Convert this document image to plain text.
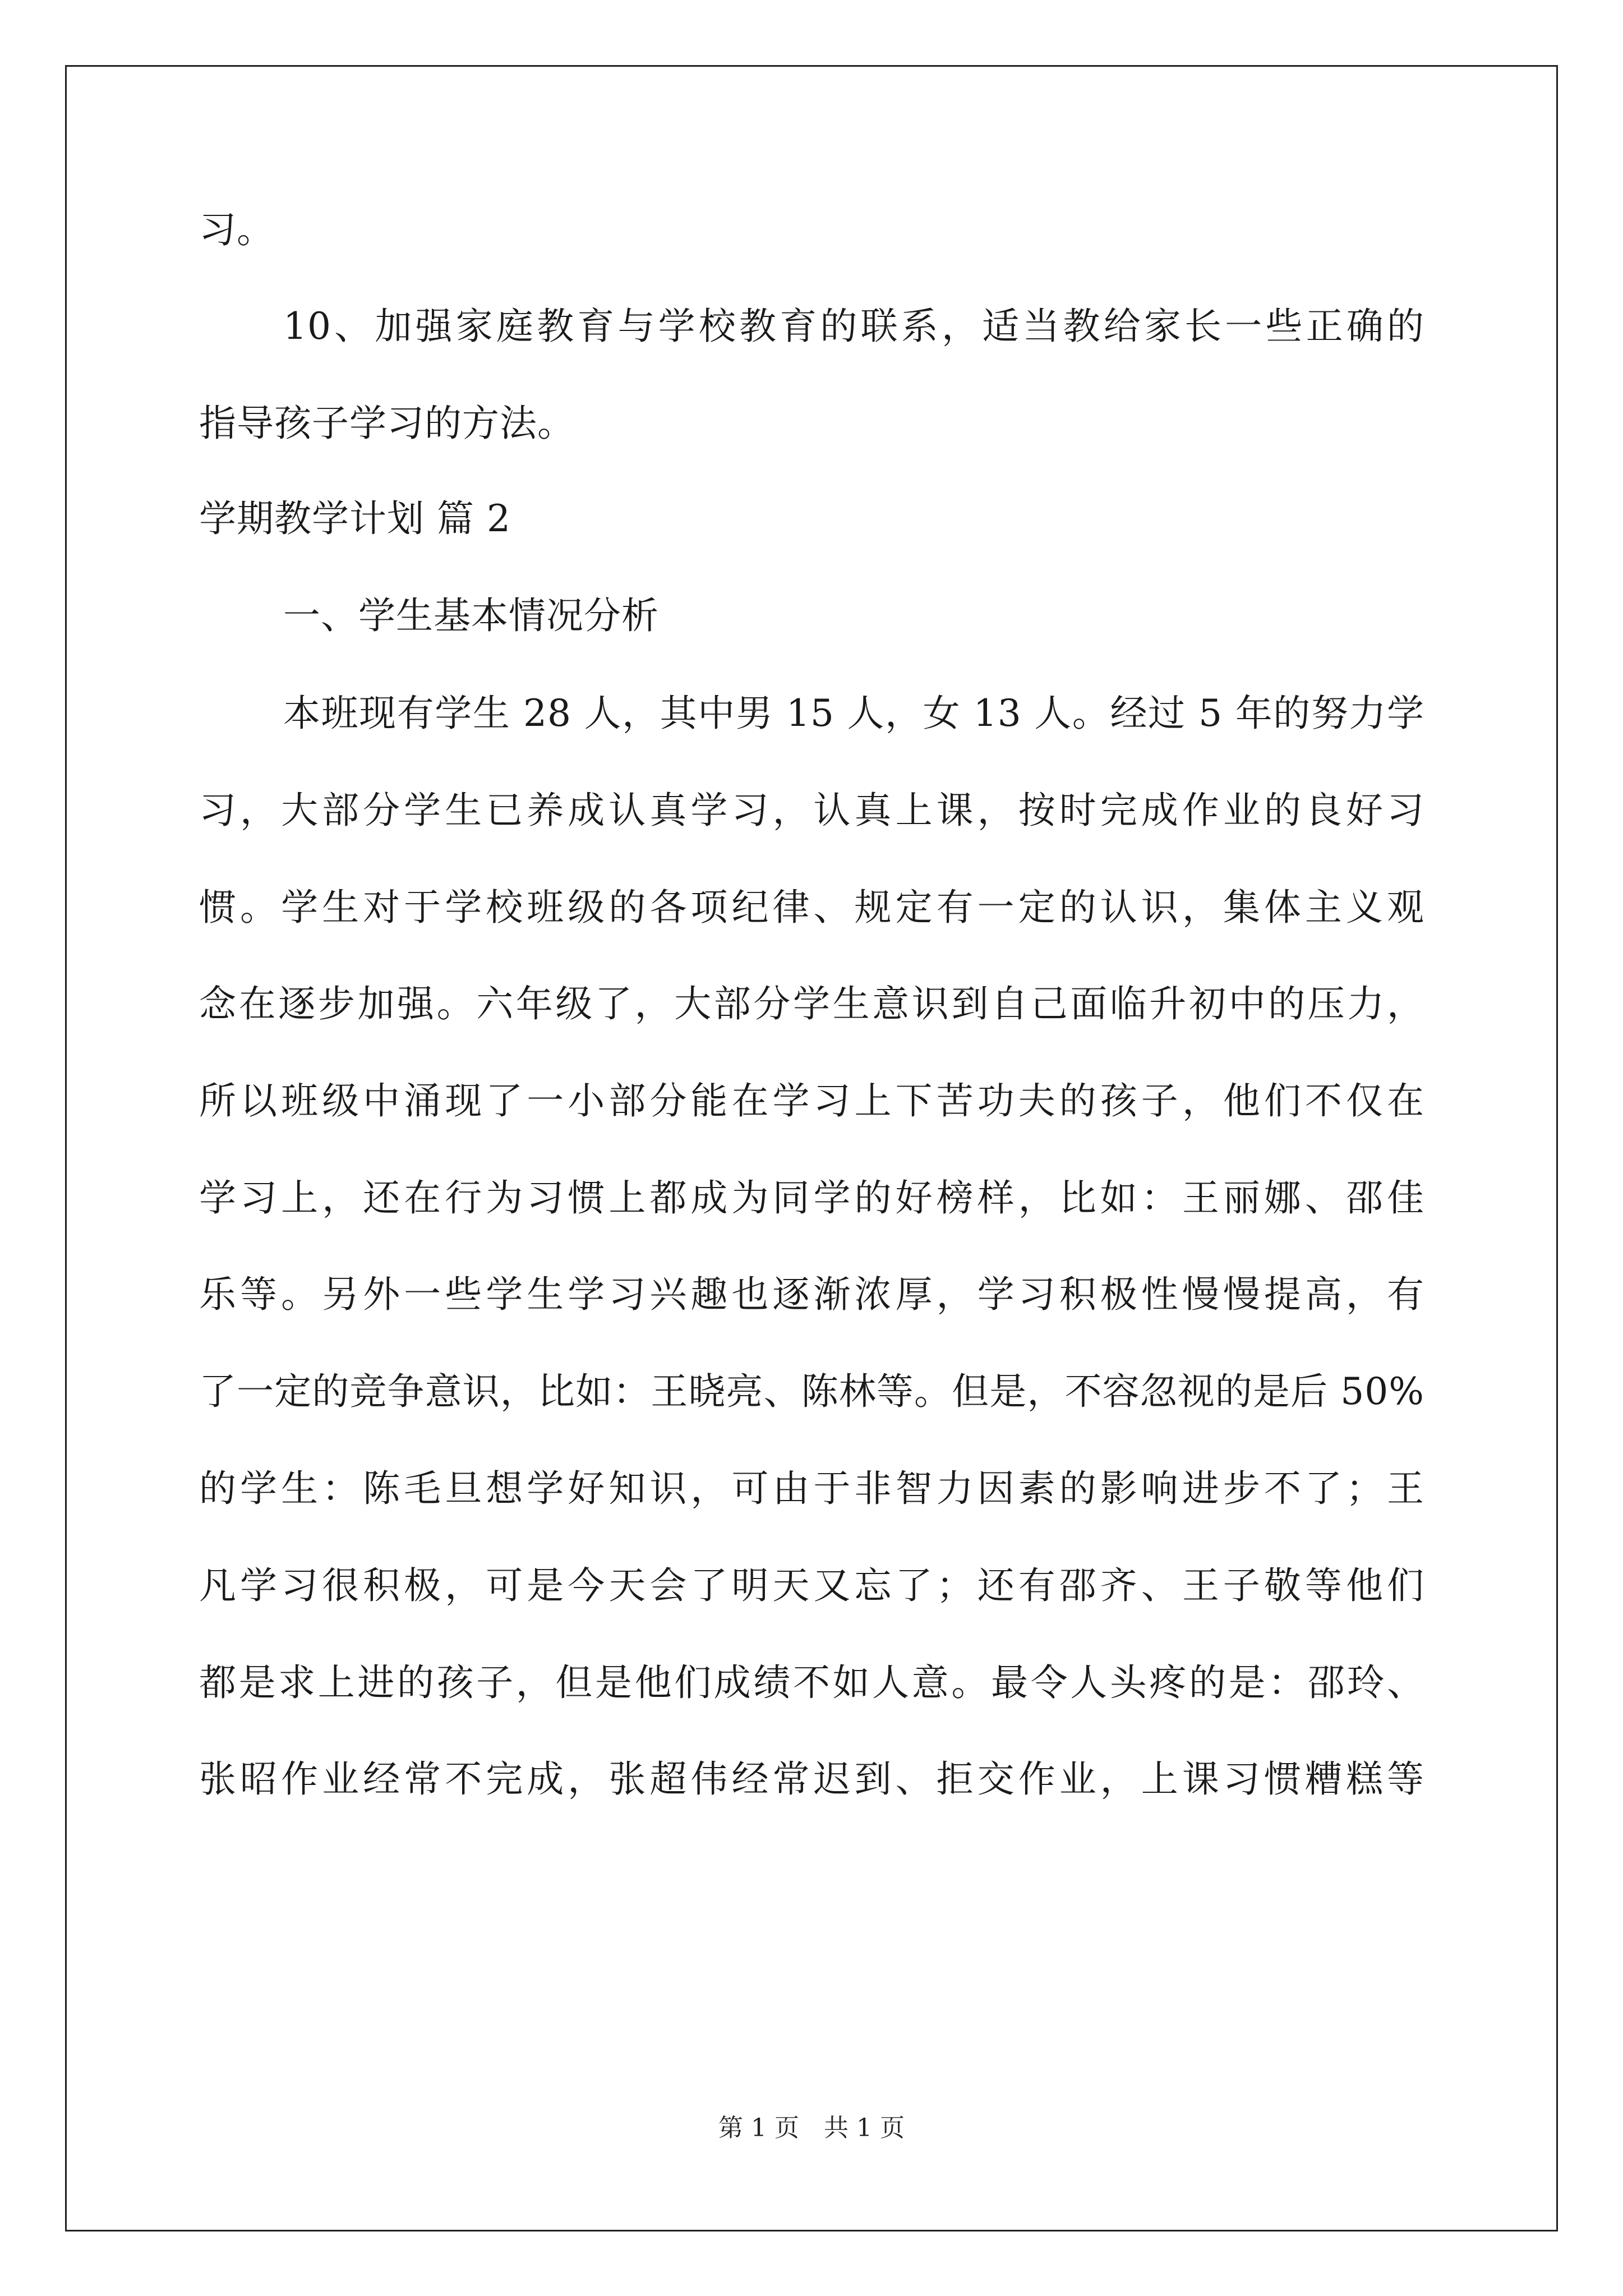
习。
10、加强家庭教育与学校教育的联系，适当教给家长一些正确的
指导孩子学习的方法。
学期教学计划 篇 2
一、学生基本情况分析
本班现有学生 28 人，其中男 15 人，女 13 人。经过 5 年的努力学
习，大部分学生已养成认真学习，认真上课，按时完成作业的良好习
惯。学生对于学校班级的各项纪律、规定有一定的认识，集体主义观
念在逐步加强。六年级了，大部分学生意识到自己面临升初中的压力，
所以班级中涌现了一小部分能在学习上下苦功夫的孩子，他们不仅在
学习上，还在行为习惯上都成为同学的好榜样，比如：王丽娜、邵佳
乐等。另外一些学生学习兴趣也逐渐浓厚，学习积极性慢慢提高，有
了一定的竞争意识，比如：王晓亮、陈林等。但是，不容忽视的是后 50%
的学生：陈毛旦想学好知识，可由于非智力因素的影响进步不了；王
凡学习很积极，可是今天会了明天又忘了；还有邵齐、王子敬等他们
都是求上进的孩子，但是他们成绩不如人意。最令人头疼的是：邵玲、
张昭作业经常不完成，张超伟经常迟到、拒交作业，上课习惯糟糕等
第 1 页　共 1 页
